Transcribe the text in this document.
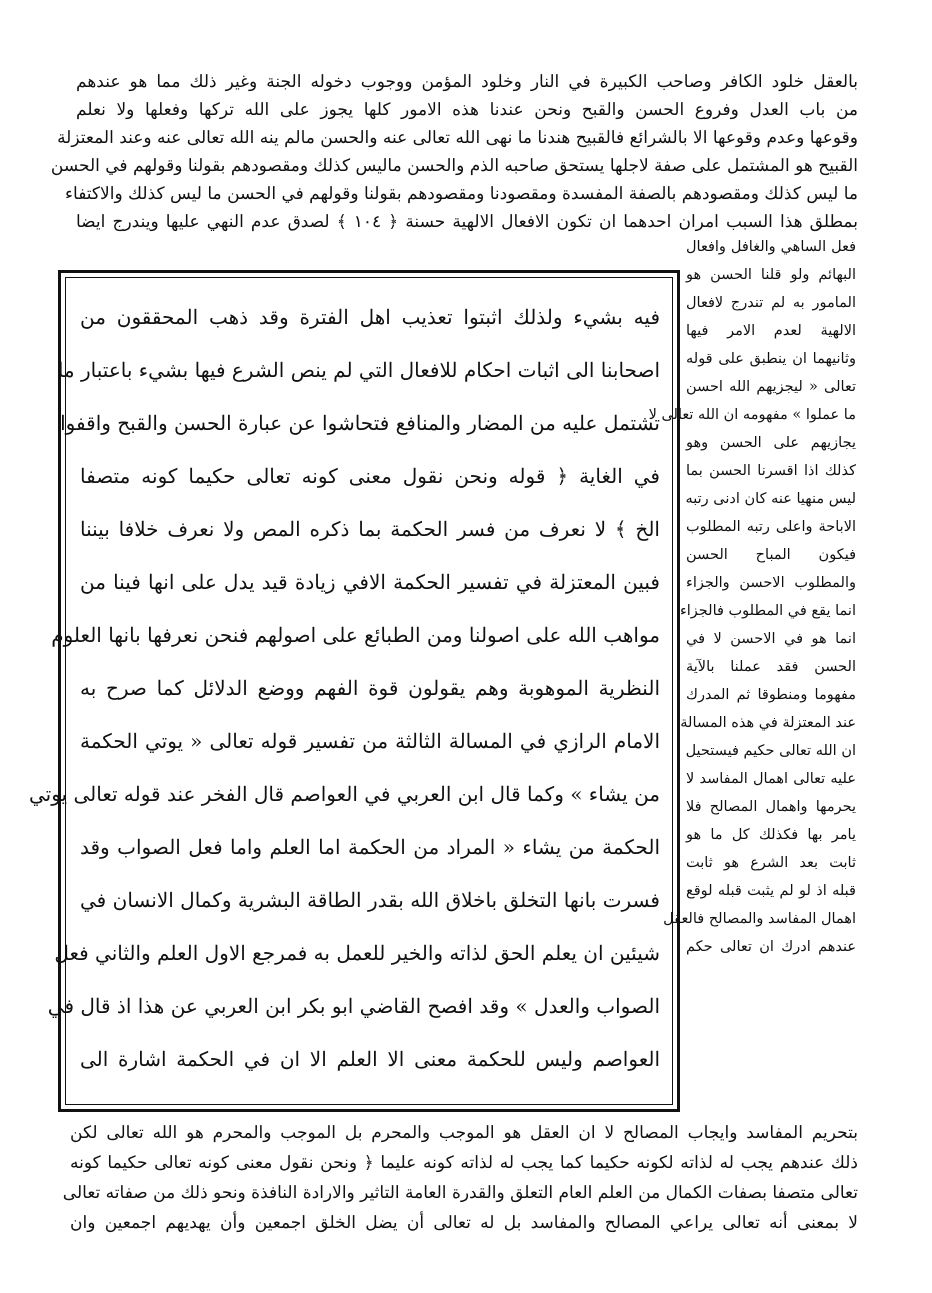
بالعقل خلود الكافر وصاحب الكبيرة في النار وخلود المؤمن ووجوب دخوله الجنة وغير ذلك مما هو عندهم
من باب العدل وفروع الحسن والقبح ونحن عندنا هذه الامور كلها يجوز على الله تركها وفعلها ولا نعلم
وقوعها وعدم وقوعها الا بالشرائع فالقبيح هندنا ما نهى الله تعالى عنه والحسن مالم ينه الله تعالى عنه وعند المعتزلة
القبيح هو المشتمل على صفة لاجلها يستحق صاحبه الذم والحسن ماليس كذلك ومقصودهم بقولنا وقولهم في الحسن
ما ليس كذلك ومقصودهم بالصفة المفسدة ومقصودنا ومقصودهم بقولنا وقولهم في الحسن ما ليس كذلك والاكتفاء
بمطلق هذا السبب امران احدهما ان تكون الافعال الالهية حسنة ﴿ ١٠٤ ﴾ لصدق عدم النهي عليها ويندرج ايضا
فعل الساهي والغافل وافعال
البهائم ولو قلنا الحسن هو
المامور به لم تندرج لافعال
الالهية لعدم الامر فيها
وثانيهما ان ينطبق على قوله
تعالى « ليجزيهم الله احسن
ما عملوا » مفهومه ان الله تعالى لا
يجازيهم على الحسن وهو
كذلك اذا اقسرنا الحسن بما
ليس منهيا عنه كان ادنى رتبه
الاباحة واعلى رتبه المطلوب
فيكون المباح الحسن
والمطلوب الاحسن والجزاء
انما يقع في المطلوب فالجزاء
انما هو في الاحسن لا في
الحسن فقد عملنا بالآية
مفهوما ومنطوقا ثم المدرك
عند المعتزلة في هذه المسالة
ان الله تعالى حكيم فيستحيل
عليه تعالى اهمال المفاسد لا
يحرمها واهمال المصالح فلا
يامر بها فكذلك كل ما هو
ثابت بعد الشرع هو ثابت
قبله اذ لو لم يثبت قبله لوقع
اهمال المفاسد والمصالح فالعقل
عندهم ادرك ان تعالى حكم
فيه بشيء ولذلك اثبتوا تعذيب اهل الفترة وقد ذهب المحققون من
اصحابنا الى اثبات احكام للافعال التي لم ينص الشرع فيها بشيء باعتبار ما
تشتمل عليه من المضار والمنافع فتحاشوا عن عبارة الحسن والقبح واقفوا
في الغاية ﴿ قوله ونحن نقول معنى كونه تعالى حكيما كونه متصفا
الخ ﴾ لا نعرف من فسر الحكمة بما ذكره المص ولا نعرف خلافا بيننا
فبين المعتزلة في تفسير الحكمة الافي زيادة قيد يدل على انها فينا من
مواهب الله على اصولنا ومن الطبائع على اصولهم فنحن نعرفها بانها العلوم
النظرية الموهوبة وهم يقولون قوة الفهم ووضع الدلائل كما صرح به
الامام الرازي في المسالة الثالثة من تفسير قوله تعالى « يوتي الحكمة
من يشاء » وكما قال ابن العربي في العواصم قال الفخر عند قوله تعالى يوتي
الحكمة من يشاء « المراد من الحكمة اما العلم واما فعل الصواب وقد
فسرت بانها التخلق باخلاق الله بقدر الطاقة البشرية وكمال الانسان في
شيئين ان يعلم الحق لذاته والخير للعمل به فمرجع الاول العلم والثاني فعل
الصواب والعدل » وقد افصح القاضي ابو بكر ابن العربي عن هذا اذ قال في
العواصم وليس للحكمة معنى الا العلم الا ان في الحكمة اشارة الى
بتحريم المفاسد وايجاب المصالح لا ان العقل هو الموجب والمحرم بل الموجب والمحرم هو الله تعالى لكن
ذلك عندهم يجب له لذاته لكونه حكيما كما يجب له لذاته كونه عليما ﴿ ونحن نقول معنى كونه تعالى حكيما كونه
تعالى متصفا بصفات الكمال من العلم العام التعلق والقدرة العامة التاثير والارادة النافذة ونحو ذلك من صفاته تعالى
لا بمعنى أنه تعالى يراعي المصالح والمفاسد بل له تعالى أن يضل الخلق اجمعين وأن يهديهم اجمعين وان
